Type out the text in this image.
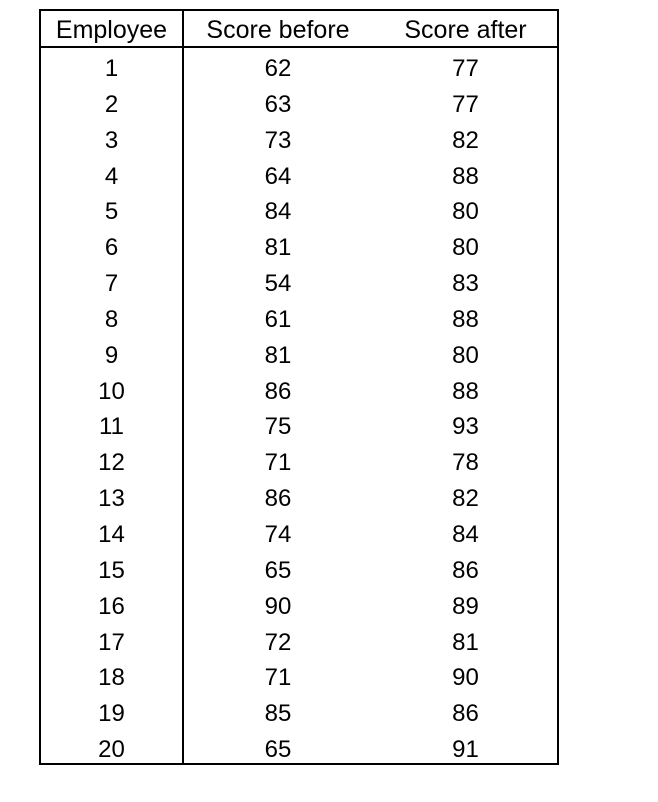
Employee	Score before	Score after
1	62	77
2	63	77
3	73	82
4	64	88
5	84	80
6	81	80
7	54	83
8	61	88
9	81	80
10	86	88
11	75	93
12	71	78
13	86	82
14	74	84
15	65	86
16	90	89
17	72	81
18	71	90
19	85	86
20	65	91
